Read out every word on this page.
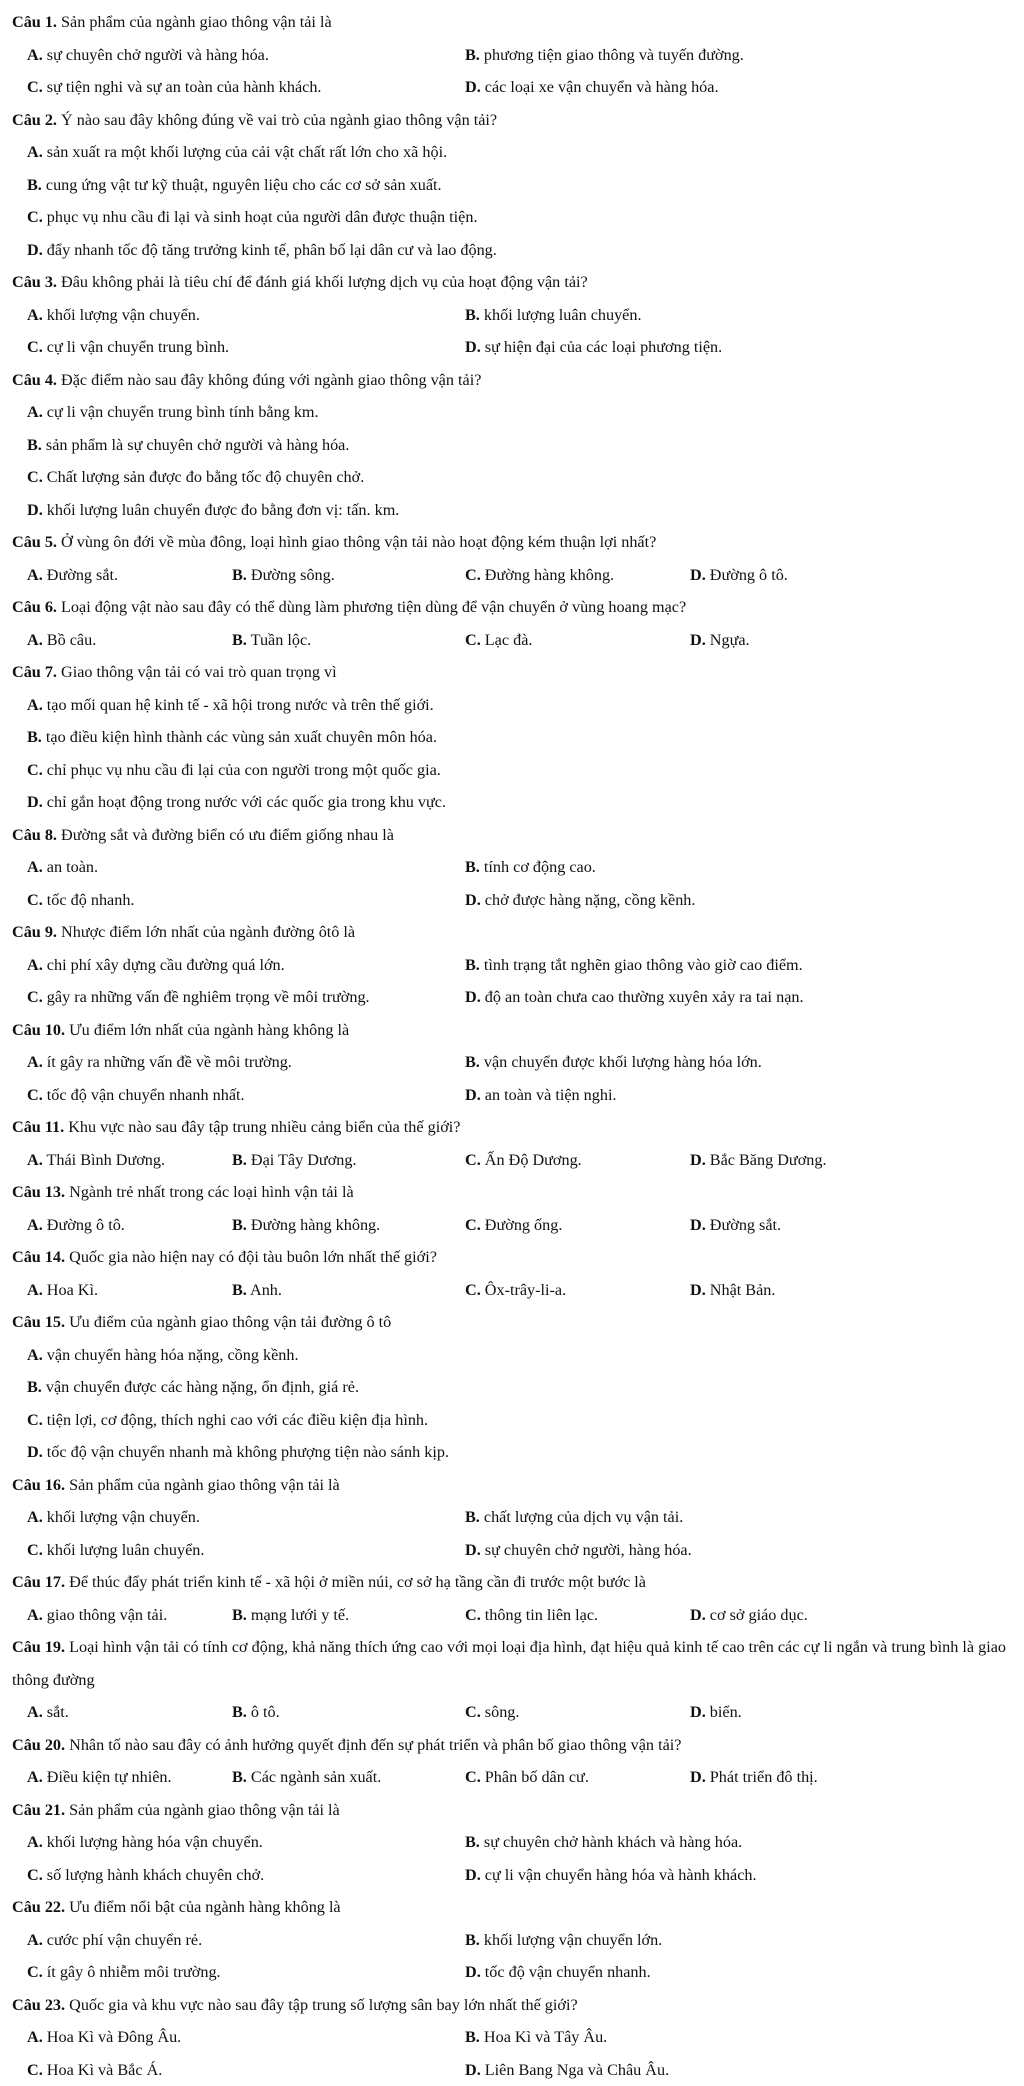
Câu 1. Sản phẩm của ngành giao thông vận tải là
A. sự chuyên chở người và hàng hóa.	B. phương tiện giao thông và tuyến đường.
C. sự tiện nghi và sự an toàn của hành khách.	D. các loại xe vận chuyển và hàng hóa.
Câu 2. Ý nào sau đây không đúng về vai trò của ngành giao thông vận tải?
A. sản xuất ra một khối lượng của cải vật chất rất lớn cho xã hội.
B. cung ứng vật tư kỹ thuật, nguyên liệu cho các cơ sở sản xuất.
C. phục vụ nhu cầu đi lại và sinh hoạt của người dân được thuận tiện.
D. đẩy nhanh tốc độ tăng trưởng kinh tế, phân bố lại dân cư và lao động.
Câu 3. Đâu không phải là tiêu chí để đánh giá khối lượng dịch vụ của hoạt động vận tải?
A. khối lượng vận chuyển.	B. khối lượng luân chuyển.
C. cự li vận chuyển trung bình.	D. sự hiện đại của các loại phương tiện.
Câu 4. Đặc điểm nào sau đây không đúng với ngành giao thông vận tải?
A. cự li vận chuyển trung bình tính bằng km.
B. sản phẩm là sự chuyên chở người và hàng hóa.
C. Chất lượng sản được đo bằng tốc độ chuyên chở.
D. khối lượng luân chuyển được đo bằng đơn vị: tấn. km.
Câu 5. Ở vùng ôn đới về mùa đông, loại hình giao thông vận tải nào hoạt động kém thuận lợi nhất?
A. Đường sắt.	B. Đường sông.	C. Đường hàng không.	D. Đường ô tô.
Câu 6. Loại động vật nào sau đây có thể dùng làm phương tiện dùng để vận chuyển ở vùng hoang mạc?
A. Bồ câu.	B. Tuần lộc.	C. Lạc đà.	D. Ngựa.
Câu 7. Giao thông vận tải có vai trò quan trọng vì
A. tạo mối quan hệ kinh tế - xã hội trong nước và trên thế giới.
B. tạo điều kiện hình thành các vùng sản xuất chuyên môn hóa.
C. chỉ phục vụ nhu cầu đi lại của con người trong một quốc gia.
D. chỉ gắn hoạt động trong nước với các quốc gia trong khu vực.
Câu 8. Đường sắt và đường biển có ưu điểm giống nhau là
A. an toàn.	B. tính cơ động cao.
C. tốc độ nhanh.	D. chở được hàng nặng, cồng kềnh.
Câu 9. Nhược điểm lớn nhất của ngành đường ôtô là
A. chi phí xây dựng cầu đường quá lớn.	B. tình trạng tắt nghẽn giao thông vào giờ cao điểm.
C. gây ra những vấn đề nghiêm trọng về môi trường.	D. độ an toàn chưa cao thường xuyên xảy ra tai nạn.
Câu 10. Ưu điểm lớn nhất của ngành hàng không là
A. ít gây ra những vấn đề về môi trường.	B. vận chuyển được khối lượng hàng hóa lớn.
C. tốc độ vận chuyển nhanh nhất.	D. an toàn và tiện nghi.
Câu 11. Khu vực nào sau đây tập trung nhiều cảng biển của thế giới?
A. Thái Bình Dương.	B. Đại Tây Dương.	C. Ấn Độ Dương.	D. Bắc Băng Dương.
Câu 13. Ngành trẻ nhất trong các loại hình vận tải là
A. Đường ô tô.	B. Đường hàng không.	C. Đường ống.	D. Đường sắt.
Câu 14. Quốc gia nào hiện nay có đội tàu buôn lớn nhất thế giới?
A. Hoa Kì.	B. Anh.	C. Ôx-trây-li-a.	D. Nhật Bản.
Câu 15. Ưu điểm của ngành giao thông vận tải đường ô tô
A. vận chuyển hàng hóa nặng, cồng kềnh.
B. vận chuyển được các hàng nặng, ổn định, giá rẻ.
C. tiện lợi, cơ động, thích nghi cao với các điều kiện địa hình.
D. tốc độ vận chuyển nhanh mà không phượng tiện nào sánh kịp.
Câu 16. Sản phẩm của ngành giao thông vận tải là
A. khối lượng vận chuyển.	B. chất lượng của dịch vụ vận tải.
C. khối lượng luân chuyển.	D. sự chuyên chở người, hàng hóa.
Câu 17. Để thúc đẩy phát triển kinh tế - xã hội ở miền núi, cơ sở hạ tầng cần đi trước một bước là
A. giao thông vận tải.	B. mạng lưới y tế.	C. thông tin liên lạc.	D. cơ sở giáo dục.
Câu 19. Loại hình vận tải có tính cơ động, khả năng thích ứng cao với mọi loại địa hình, đạt hiệu quả kinh tế cao trên các cự li ngắn và trung bình là giao thông đường
A. sắt.	B. ô tô.	C. sông.	D. biển.
Câu 20. Nhân tố nào sau đây có ảnh hưởng quyết định đến sự phát triển và phân bố giao thông vận tải?
A. Điều kiện tự nhiên.	B. Các ngành sản xuất.	C. Phân bố dân cư.	D. Phát triển đô thị.
Câu 21. Sản phẩm của ngành giao thông vận tải là
A. khối lượng hàng hóa vận chuyển.	B. sự chuyên chở hành khách và hàng hóa.
C. số lượng hành khách chuyên chở.	D. cự li vận chuyển hàng hóa và hành khách.
Câu 22. Ưu điểm nổi bật của ngành hàng không là
A. cước phí vận chuyển rẻ.	B. khối lượng vận chuyển lớn.
C. ít gây ô nhiễm môi trường.	D. tốc độ vận chuyển nhanh.
Câu 23. Quốc gia và khu vực nào sau đây tập trung số lượng sân bay lớn nhất thế giới?
A. Hoa Kì và Đông Âu.	B. Hoa Kì và Tây Âu.
C. Hoa Kì và Bắc Á.	D. Liên Bang Nga và Châu Âu.
